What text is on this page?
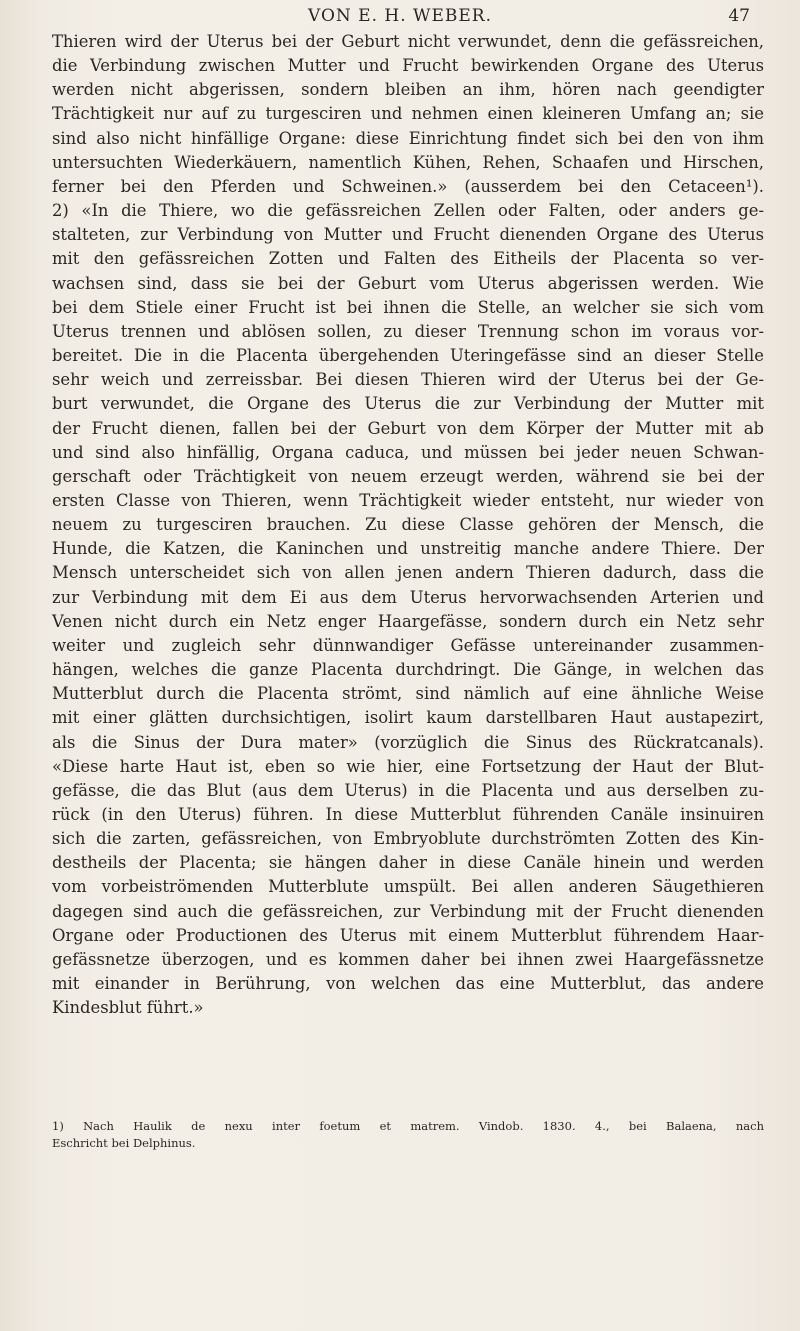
VON E. H. WEBER.	47

Thieren wird der Uterus bei der Geburt nicht verwundet, denn die gefässreichen,

die Verbindung zwischen Mutter und Frucht bewirkenden Organe des Uterus

werden nicht abgerissen, sondern bleiben an ihm, hören nach geendigter

Trächtigkeit nur auf zu turgesciren und nehmen einen kleineren Umfang an; sie

sind also nicht hinfällige Organe: diese Einrichtung findet sich bei den von ihm

untersuchten Wiederkäuern, namentlich Kühen, Rehen, Schaafen und Hirschen,

ferner bei den Pferden und Schweinen.» (ausserdem bei den Cetaceen¹).

2) «In die Thiere, wo die gefässreichen Zellen oder Falten, oder anders ge-

stalteten, zur Verbindung von Mutter und Frucht dienenden Organe des Uterus

mit den gefässreichen Zotten und Falten des Eitheils der Placenta so ver-

wachsen sind, dass sie bei der Geburt vom Uterus abgerissen werden. Wie

bei dem Stiele einer Frucht ist bei ihnen die Stelle, an welcher sie sich vom

Uterus trennen und ablösen sollen, zu dieser Trennung schon im voraus vor-

bereitet. Die in die Placenta übergehenden Uteringefässe sind an dieser Stelle

sehr weich und zerreissbar. Bei diesen Thieren wird der Uterus bei der Ge-

burt verwundet, die Organe des Uterus die zur Verbindung der Mutter mit

der Frucht dienen, fallen bei der Geburt von dem Körper der Mutter mit ab

und sind also hinfällig, Organa caduca, und müssen bei jeder neuen Schwan-

gerschaft oder Trächtigkeit von neuem erzeugt werden, während sie bei der

ersten Classe von Thieren, wenn Trächtigkeit wieder entsteht, nur wieder von

neuem zu turgesciren brauchen. Zu diese Classe gehören der Mensch, die

Hunde, die Katzen, die Kaninchen und unstreitig manche andere Thiere. Der

Mensch unterscheidet sich von allen jenen andern Thieren dadurch, dass die

zur Verbindung mit dem Ei aus dem Uterus hervorwachsenden Arterien und

Venen nicht durch ein Netz enger Haargefässe, sondern durch ein Netz sehr

weiter und zugleich sehr dünnwandiger Gefässe untereinander zusammen-

hängen, welches die ganze Placenta durchdringt. Die Gänge, in welchen das

Mutterblut durch die Placenta strömt, sind nämlich auf eine ähnliche Weise

mit einer glätten durchsichtigen, isolirt kaum darstellbaren Haut austapezirt,

als die Sinus der Dura mater» (vorzüglich die Sinus des Rückratcanals).

«Diese harte Haut ist, eben so wie hier, eine Fortsetzung der Haut der Blut-

gefässe, die das Blut (aus dem Uterus) in die Placenta und aus derselben zu-

rück (in den Uterus) führen. In diese Mutterblut führenden Canäle insinuiren

sich die zarten, gefässreichen, von Embryoblute durchströmten Zotten des Kin-

destheils der Placenta; sie hängen daher in diese Canäle hinein und werden

vom vorbeiströmenden Mutterblute umspült. Bei allen anderen Säugethieren

dagegen sind auch die gefässreichen, zur Verbindung mit der Frucht dienenden

Organe oder Productionen des Uterus mit einem Mutterblut führendem Haar-

gefässnetze überzogen, und es kommen daher bei ihnen zwei Haargefässnetze

mit einander in Berührung, von welchen das eine Mutterblut, das andere

Kindesblut führt.»

1) Nach Haulik de nexu inter foetum et matrem. Vindob. 1830. 4., bei Balaena, nach

Eschricht bei Delphinus.
